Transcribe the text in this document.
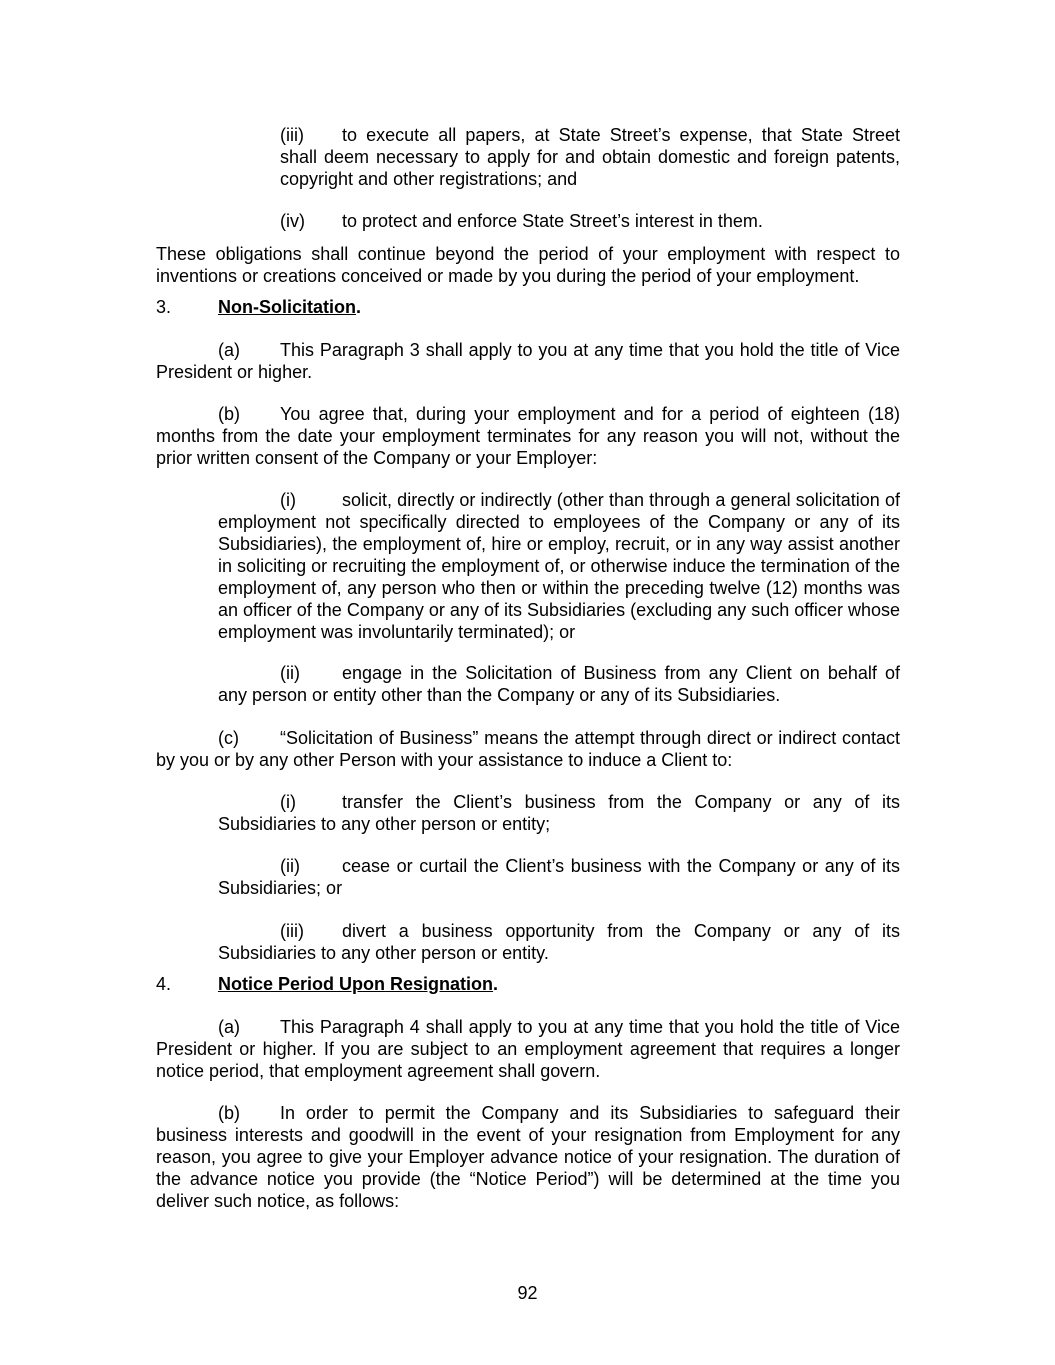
(iii) to execute all papers, at State Street’s expense, that State Street shall deem necessary to apply for and obtain domestic and foreign patents, copyright and other registrations; and

(iv) to protect and enforce State Street’s interest in them.

These obligations shall continue beyond the period of your employment with respect to inventions or creations conceived or made by you during the period of your employment.

3.	Non-Solicitation.

(a) This Paragraph 3 shall apply to you at any time that you hold the title of Vice President or higher.

(b) You agree that, during your employment and for a period of eighteen (18) months from the date your employment terminates for any reason you will not, without the prior written consent of the Company or your Employer:

(i)	solicit, directly or indirectly (other than through a general solicitation of employment not specifically directed to employees of the Company or any of its Subsidiaries), the employment of, hire or employ, recruit, or in any way assist another in soliciting or recruiting the employment of, or otherwise induce the termination of the employment of, any person who then or within the preceding twelve (12) months was an officer of the Company or any of its Subsidiaries (excluding any such officer whose employment was involuntarily terminated); or

(ii) engage in the Solicitation of Business from any Client on behalf of any person or entity other than the Company or any of its Subsidiaries.

(c) “Solicitation of Business” means the attempt through direct or indirect contact by you or by any other Person with your assistance to induce a Client to:

(i)	transfer the Client’s business from the Company or any of its Subsidiaries to any other person or entity;

(ii) cease or curtail the Client’s business with the Company or any of its Subsidiaries; or

(iii) divert a business opportunity from the Company or any of its Subsidiaries to any other person or entity.

4.	Notice Period Upon Resignation.

(a) This Paragraph 4 shall apply to you at any time that you hold the title of Vice President or higher. If you are subject to an employment agreement that requires a longer notice period, that employment agreement shall govern.

(b) In order to permit the Company and its Subsidiaries to safeguard their business interests and goodwill in the event of your resignation from Employment for any reason, you agree to give your Employer advance notice of your resignation. The duration of the advance notice you provide (the “Notice Period”) will be determined at the time you deliver such notice, as follows:

92
